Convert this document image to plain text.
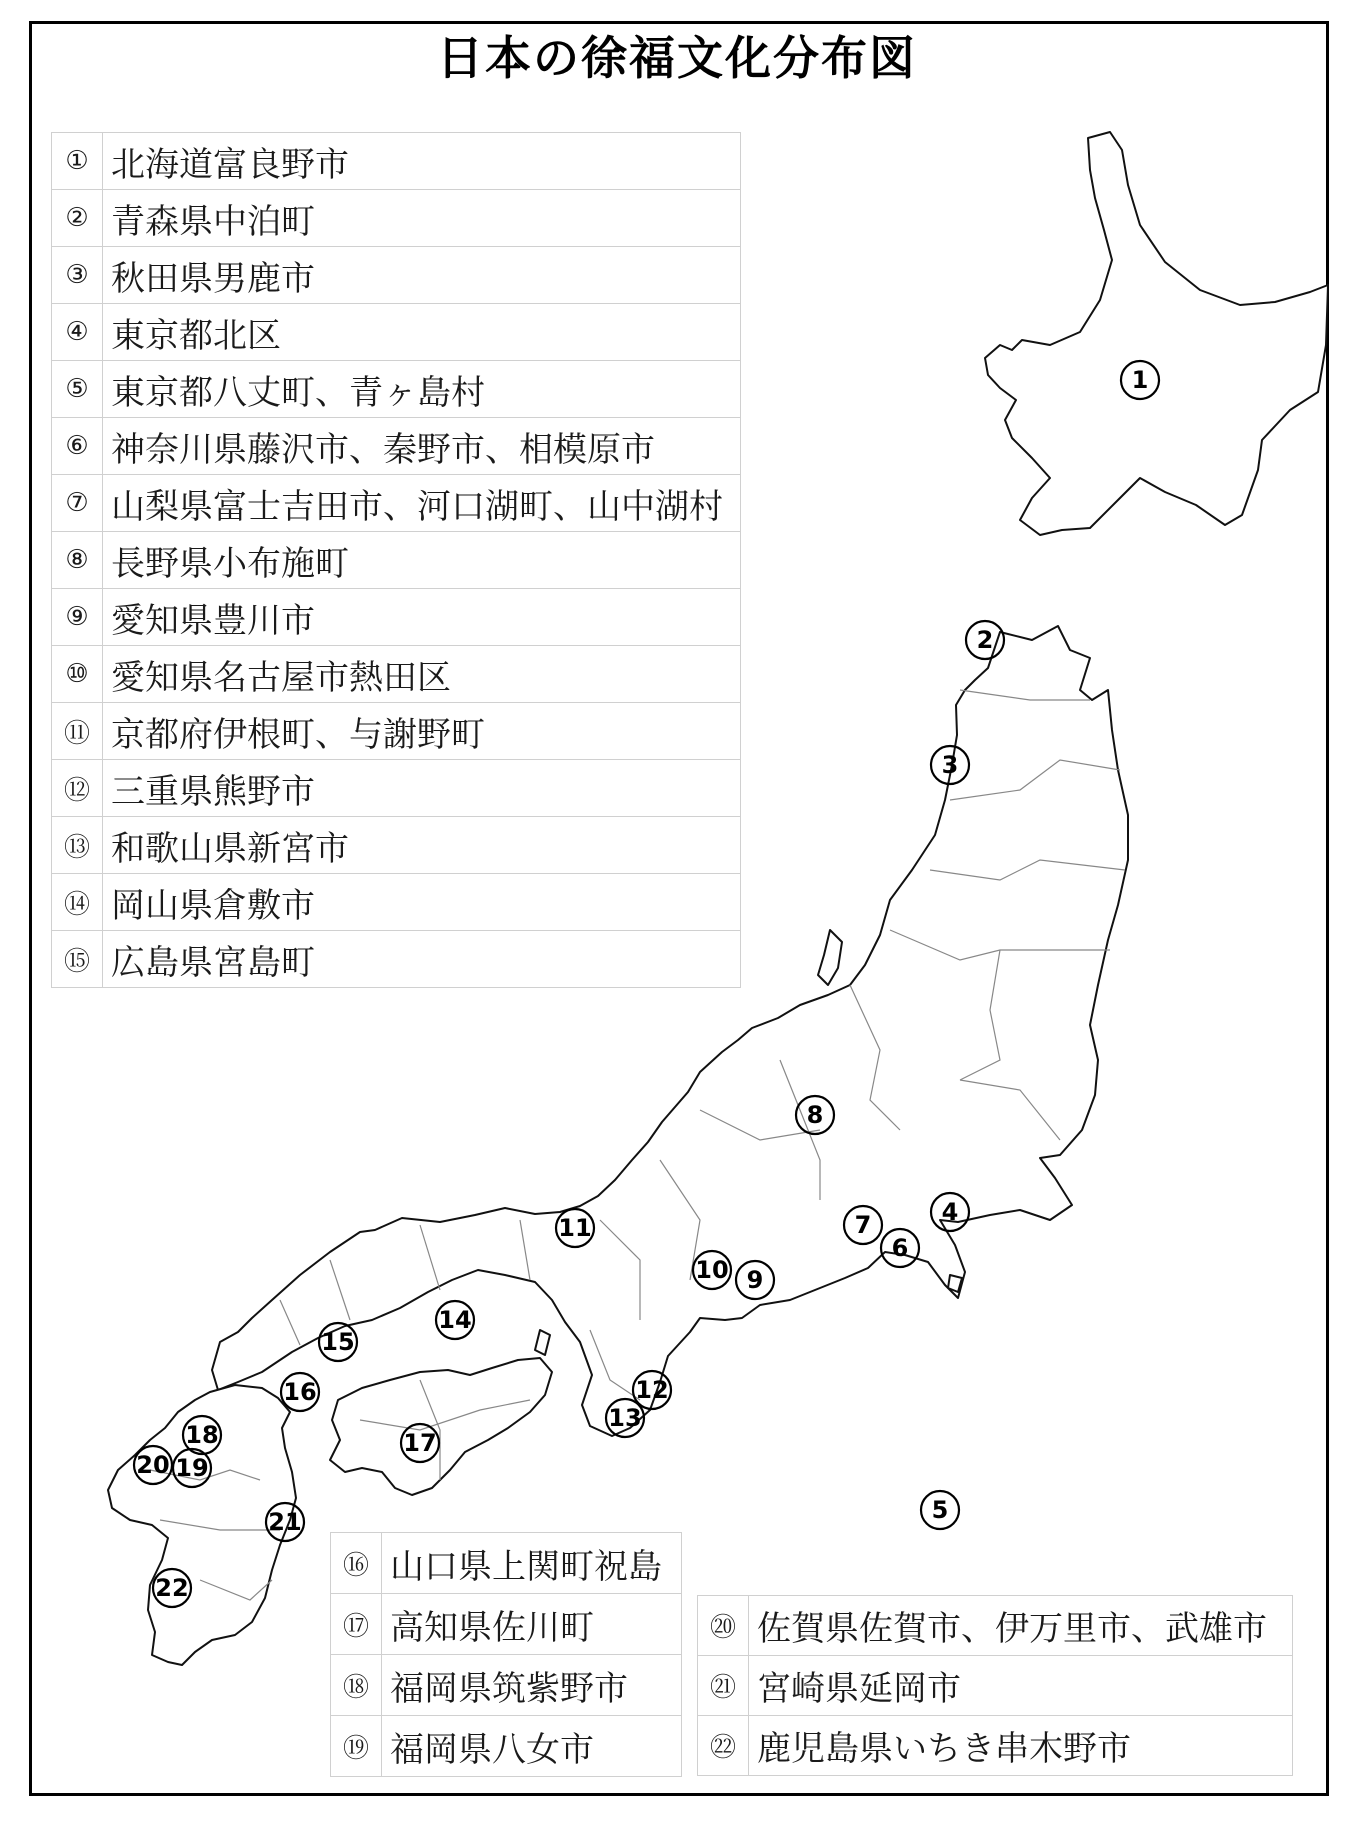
日本の徐福文化分布図
1
2
3
4
5
6
7
8
9
10
11
12
13
14
15
16
17
18
19
20
21
22
①	北海道富良野市
②	青森県中泊町
③	秋田県男鹿市
④	東京都北区
⑤	東京都八丈町、青ヶ島村
⑥	神奈川県藤沢市、秦野市、相模原市
⑦	山梨県富士吉田市、河口湖町、山中湖村
⑧	長野県小布施町
⑨	愛知県豊川市
⑩	愛知県名古屋市熱田区
⑪	京都府伊根町、与謝野町
⑫	三重県熊野市
⑬	和歌山県新宮市
⑭	岡山県倉敷市
⑮	広島県宮島町
⑯	山口県上関町祝島
⑰	高知県佐川町
⑱	福岡県筑紫野市
⑲	福岡県八女市
⑳	佐賀県佐賀市、伊万里市、武雄市
㉑	宮崎県延岡市
㉒	鹿児島県いちき串木野市
